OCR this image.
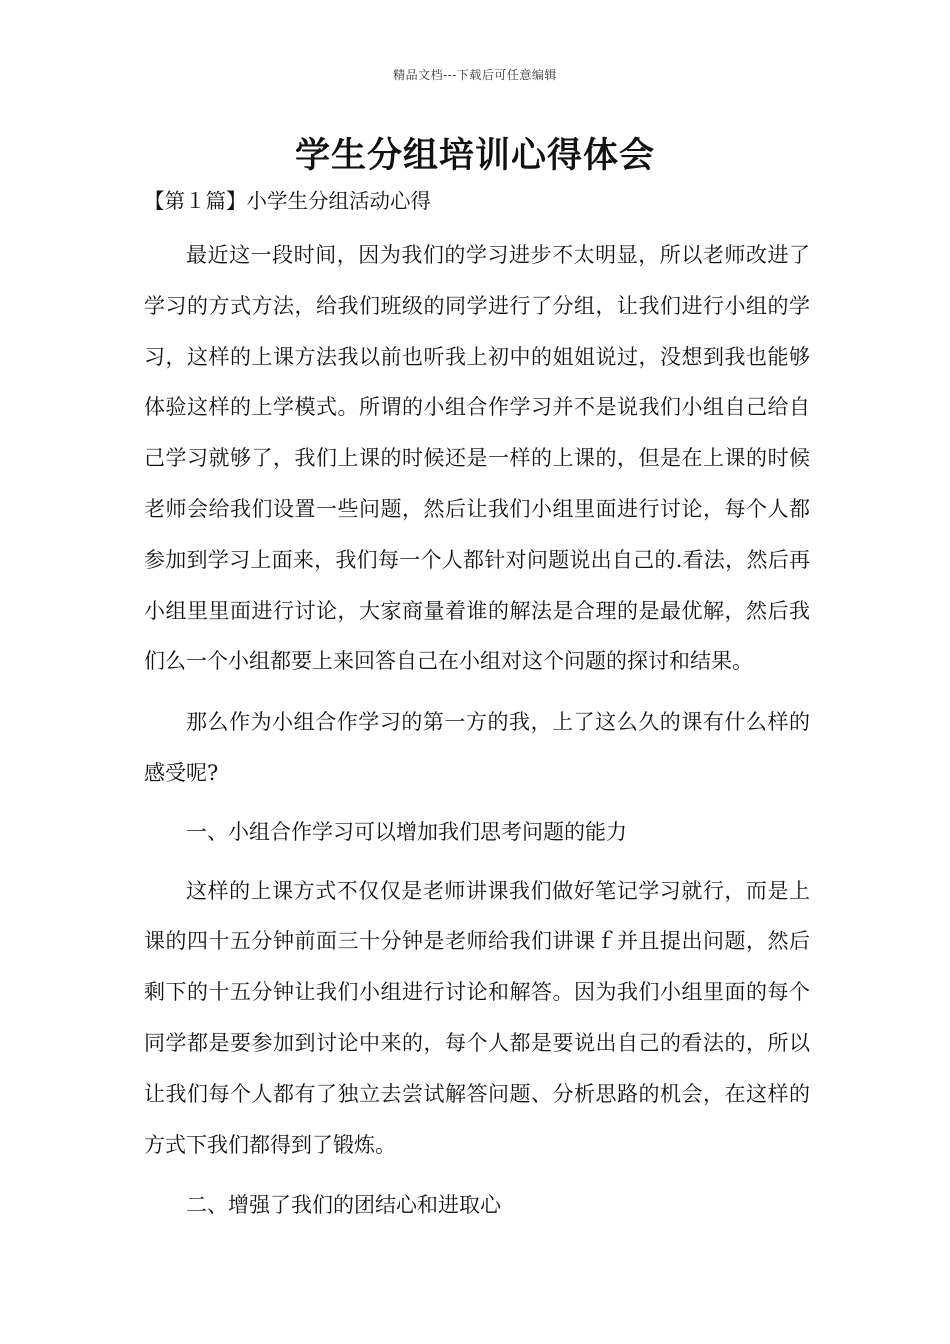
精品文档---下载后可任意编辑
学生分组培训心得体会
【第１篇】小学生分组活动心得

最近这一段时间，因为我们的学习进步不太明显，所以老师改进了学习的方式方法，给我们班级的同学进行了分组，让我们进行小组的学习，这样的上课方法我以前也听我上初中的姐姐说过，没想到我也能够体验这样的上学模式。所谓的小组合作学习并不是说我们小组自己给自己学习就够了，我们上课的时候还是一样的上课的，但是在上课的时候老师会给我们设置一些问题，然后让我们小组里面进行讨论，每个人都参加到学习上面来，我们每一个人都针对问题说出自己的.看法，然后再小组里里面进行讨论，大家商量着谁的解法是合理的是最优解，然后我们么一个小组都要上来回答自己在小组对这个问题的探讨和结果。

那么作为小组合作学习的第一方的我，上了这么久的课有什么样的感受呢?

一、小组合作学习可以增加我们思考问题的能力

这样的上课方式不仅仅是老师讲课我们做好笔记学习就行，而是上课的四十五分钟前面三十分钟是老师给我们讲课ｆ并且提出问题，然后剩下的十五分钟让我们小组进行讨论和解答。因为我们小组里面的每个同学都是要参加到讨论中来的，每个人都是要说出自己的看法的，所以让我们每个人都有了独立去尝试解答问题、分析思路的机会，在这样的方式下我们都得到了锻炼。

二、增强了我们的团结心和进取心
